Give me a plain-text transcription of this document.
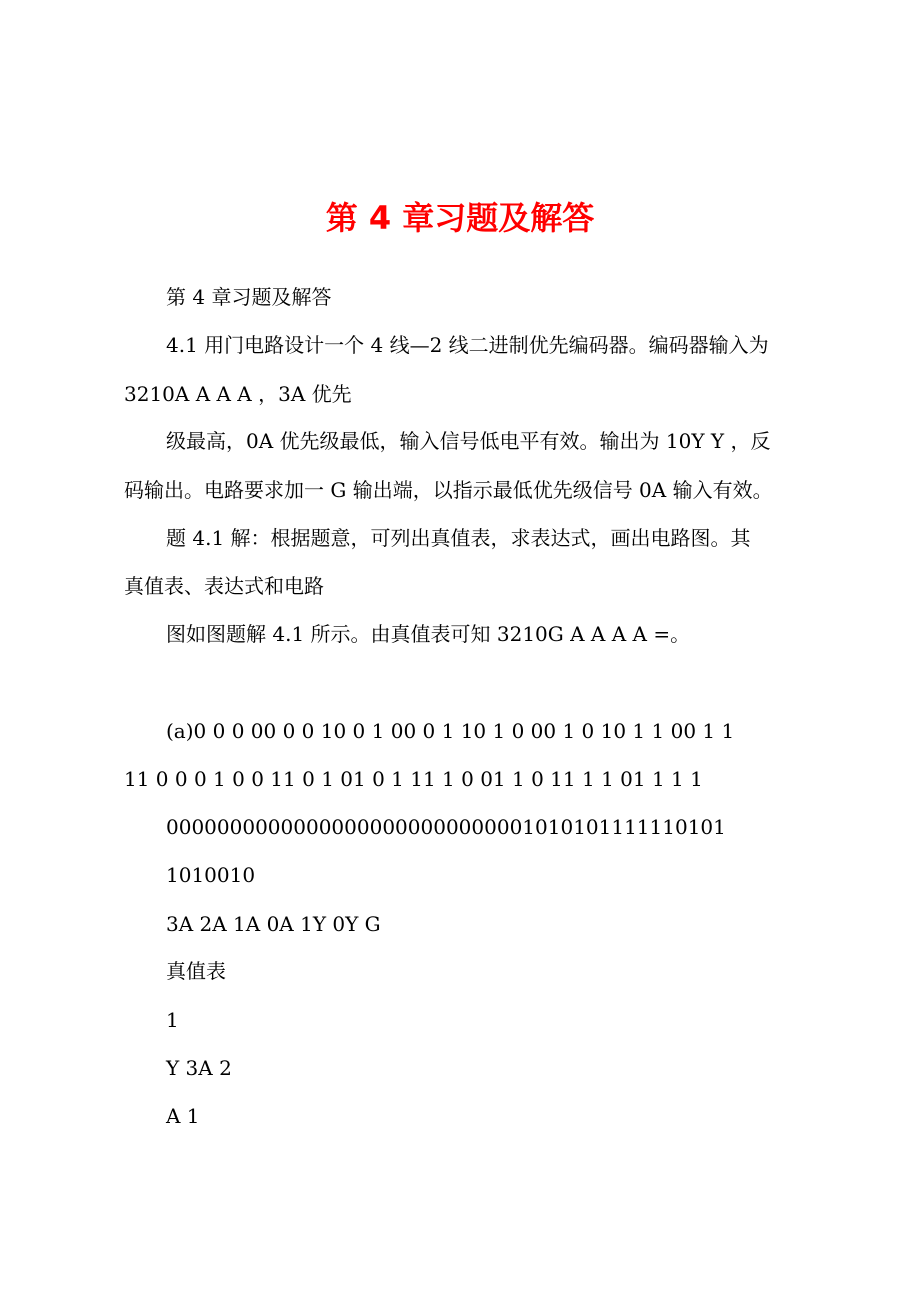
第 4 章习题及解答
第 4 章习题及解答
4.1 用门电路设计一个 4 线—2 线二进制优先编码器。编码器输入为
3210A A A A ，3A 优先
级最高，0A 优先级最低，输入信号低电平有效。输出为 10Y Y ，反
码输出。电路要求加一 G 输出端，以指示最低优先级信号 0A 输入有效。
题 4.1 解：根据题意，可列出真值表，求表达式，画出电路图。其
真值表、表达式和电路
图如图题解 4.1 所示。由真值表可知 3210G A A A A =。
(a)0 0 0 00 0 0 10 0 1 00 0 1 10 1 0 00 1 0 10 1 1 00 1 1
11 0 0 0 1 0 0 11 0 1 01 0 1 11 1 0 01 1 0 11 1 1 01 1 1 1
00000000000000000000000000001010101111110101
1010010
3A 2A 1A 0A 1Y 0Y G
真值表
1
Y 3A 2
A 1
